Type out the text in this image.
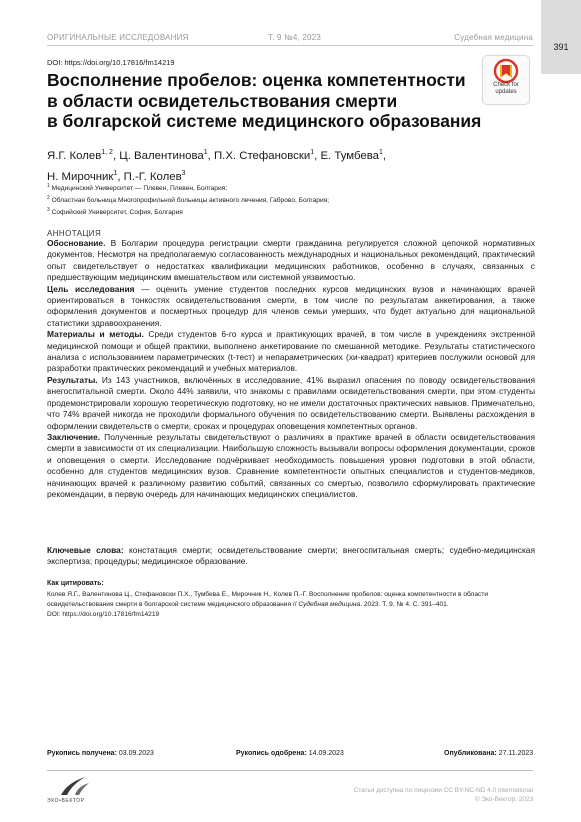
ОРИГИНАЛЬНЫЕ ИССЛЕДОВАНИЯ	Т. 9 №4, 2023	Судебная медицина
391
DOI: https://doi.org/10.17816/fm14219
Восполнение пробелов: оценка компетентности
в области освидетельствования смерти
в болгарской системе медицинского образования
Check for
updates
Я.Г. Колев$^{1, 2}$, Ц. Валентинова$^1$, П.Х. Стефановски$^1$, Е. Тумбева$^1$,
Н. Мирочник$^1$, П.-Г. Колев$^3$
$^1$ Медицинский Университет — Плевен, Плевен, Болгария;
$^2$ Областная больница Многопрофильной больницы активного лечения, Габрово, Болгария;
$^3$ Софийский Университет, София, Болгария
АННОТАЦИЯ

Обоснование. В Болгарии процедура регистрации смерти гражданина регулируется сложной цепочкой нормативных документов. Несмотря на предполагаемую согласованность международных и национальных рекомендаций, практический опыт свидетельствует о недостатках квалификации медицинских работников, особенно в случаях, связанных с предшествующим медицинским вмешательством или системной уязвимостью.

Цель исследования — оценить умение студентов последних курсов медицинских вузов и начинающих врачей ориентироваться в тонкостях освидетельствования смерти, в том числе по результатам анкетирования, а также оформления документов и посмертных процедур для членов семьи умерших, что будет актуально для национальной статистики здравоохранения.

Материалы и методы. Среди студентов 6-го курса и практикующих врачей, в том числе в учреждениях экстренной медицинской помощи и общей практики, выполнено анкетирование по смешанной методике. Результаты статистического анализа с использованием параметрических (t-тест) и непараметрических (хи-квадрат) критериев послужили основой для разработки практических рекомендаций и учебных материалов.

Результаты. Из 143 участников, включённых в исследование, 41% выразил опасения по поводу освидетельствования внегоспитальной смерти. Около 44% заявили, что знакомы с правилами освидетельствования смерти, при этом студенты продемонстрировали хорошую теоретическую подготовку, но не имели достаточных практических навыков. Примечательно, что 74% врачей никогда не проходили формального обучения по освидетельствованию смерти. Выявлены расхождения в оформлении свидетельств о смерти, сроках и процедурах оповещения компетентных органов.

Заключение. Полученные результаты свидетельствуют о различиях в практике врачей в области освидетельствования смерти в зависимости от их специализации. Наибольшую сложность вызывали вопросы оформления документации, сроков и оповещения о смерти. Исследование подчёркивает необходимость повышения уровня подготовки в этой области, особенно для студентов медицинских вузов. Сравнение компетентности опытных специалистов и студентов-медиков, начинающих врачей к различному развитию событий, связанных со смертью, позволило сформулировать практические рекомендации, в первую очередь для начинающих медицинских специалистов.

Ключевые слова: констатация смерти; освидетельствование смерти; внегоспитальная смерть; судебно-медицинская экспертиза; процедуры; медицинское образование.
Как цитировать:
Колев Я.Г., Валентинова Ц., Стефановски П.Х., Тумбева Е., Мирочник Н., Колев П.-Г. Восполнение пробелов: оценка компетентности в области освидетельствования смерти в болгарской системе медицинского образования // Судебная медицина. 2023. Т. 9, № 4. С. 391–401.
DOI: https://doi.org/10.17816/fm14219
Рукопись получена: 03.09.2023	Рукопись одобрена: 14.09.2023	Опубликована: 27.11.2023
ЭКО•ВЕКТОР
Статья доступна по лицензии CC BY-NC-ND 4.0 International
© Эко-Вектор, 2023
